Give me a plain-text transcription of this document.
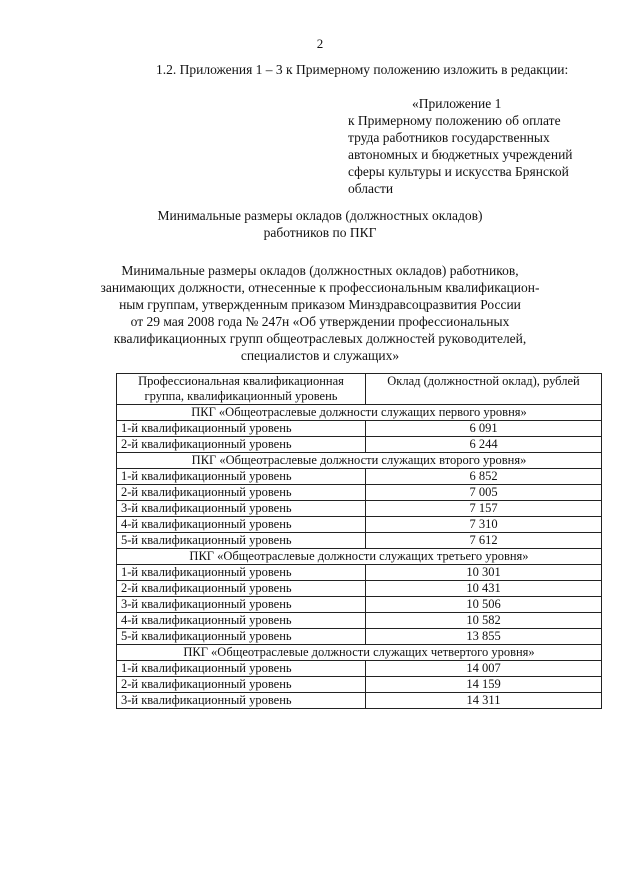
2
1.2. Приложения 1 – 3 к Примерному положению изложить в редакции:
«Приложение 1
к Примерному положению об оплате
труда работников государственных
автономных и бюджетных учреждений
сферы культуры и искусства Брянской
области
Минимальные размеры окладов (должностных окладов)
работников по ПКГ
Минимальные размеры окладов (должностных окладов) работников,
занимающих должности, отнесенные к профессиональным квалификацион-
ным группам, утвержденным приказом Минздравсоцразвития России
от 29 мая 2008 года № 247н «Об утверждении профессиональных
квалификационных групп общеотраслевых должностей руководителей,
специалистов и служащих»
Профессиональная квалификационная группа, квалификационный уровень	Оклад (должностной оклад), рублей
ПКГ «Общеотраслевые должности служащих первого уровня»	
1-й квалификационный уровень	6 091
2-й квалификационный уровень	6 244
ПКГ «Общеотраслевые должности служащих второго уровня»	
1-й квалификационный уровень	6 852
2-й квалификационный уровень	7 005
3-й квалификационный уровень	7 157
4-й квалификационный уровень	7 310
5-й квалификационный уровень	7 612
ПКГ «Общеотраслевые должности служащих третьего уровня»	
1-й квалификационный уровень	10 301
2-й квалификационный уровень	10 431
3-й квалификационный уровень	10 506
4-й квалификационный уровень	10 582
5-й квалификационный уровень	13 855
ПКГ «Общеотраслевые должности служащих четвертого уровня»	
1-й квалификационный уровень	14 007
2-й квалификационный уровень	14 159
3-й квалификационный уровень	14 311
